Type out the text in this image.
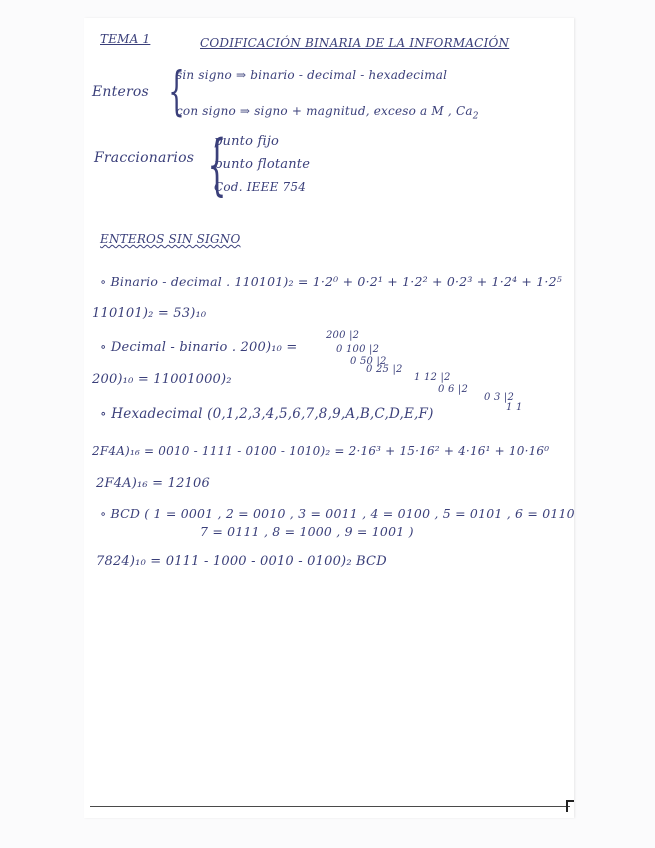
TEMA 1	CODIFICACIÓN BINARIA DE LA INFORMACIÓN
Enteros {
sin signo ⇒ binario - decimal - hexadecimal
con signo ⇒ signo + magnitud, exceso a M , $Ca_2$
Fraccionarios {
punto fijo
punto flotante
Cod. IEEE 754
ENTEROS SIN SIGNO
∘ Binario - decimal . 110101)₂ = 1·2⁰ + 0·2¹ + 1·2² + 0·2³ + 1·2⁴ + 1·2⁵
110101)₂ = 53)₁₀
∘ Decimal - binario . 200)₁₀ =
200 |2
0 100 |2
0 50 |2
0 25 |2
1 12 |2
0 6 |2
0 3 |2
1 1
200)₁₀ = 11001000)₂
∘ Hexadecimal (0,1,2,3,4,5,6,7,8,9,A,B,C,D,E,F)
2F4A)₁₆ = 0010 - 1111 - 0100 - 1010)₂ = 2·16³ + 15·16² + 4·16¹ + 10·16⁰
2F4A)₁₆ = 12106
∘ BCD ( 1 = 0001 , 2 = 0010 , 3 = 0011 , 4 = 0100 , 5 = 0101 , 6 = 0110
7 = 0111 , 8 = 1000 , 9 = 1001 )
7824)₁₀ = 0111 - 1000 - 0010 - 0100)₂ BCD
